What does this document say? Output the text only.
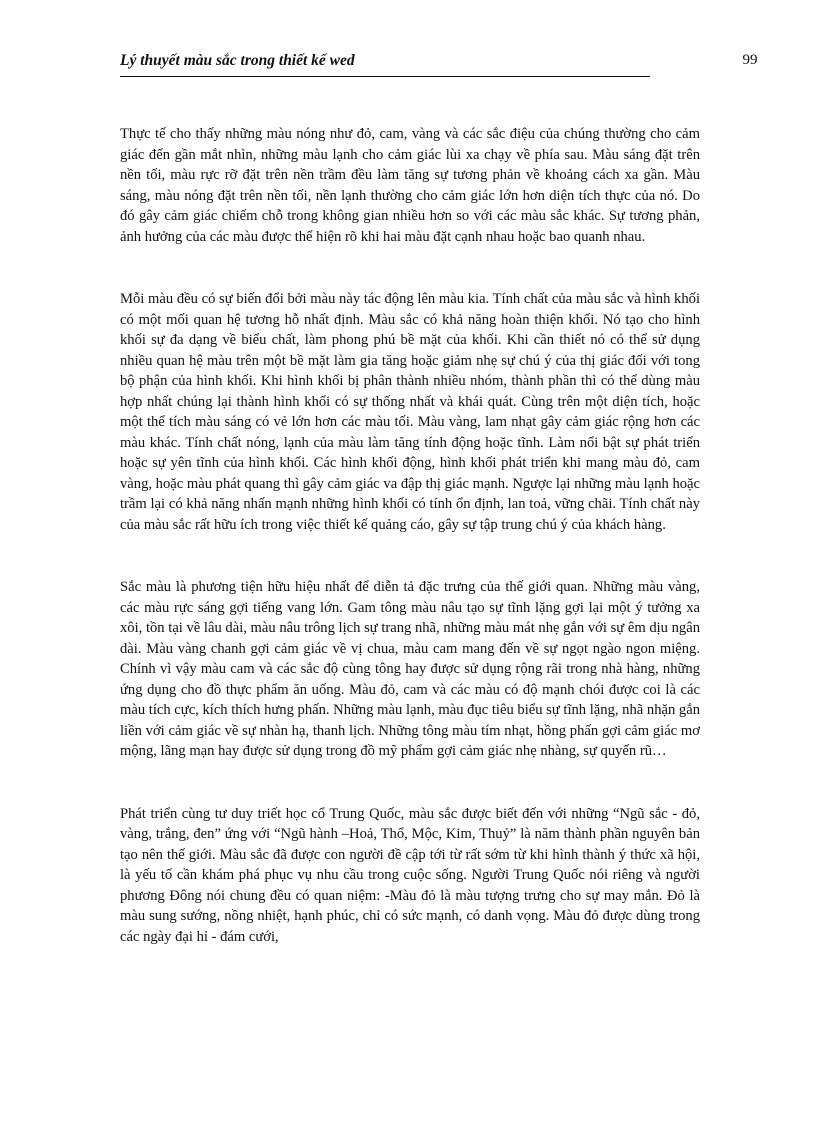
Lý thuyết màu sắc trong thiết kế wed	99

Thực tế cho thấy những màu nóng như đỏ, cam, vàng và các sắc điệu của chúng thường cho cảm giác đến gần mắt nhìn, những màu lạnh cho cảm giác lùi xa chạy về phía sau. Màu sáng đặt trên nền tối, màu rực rỡ đặt trên nền trầm đều làm tăng sự tương phản về khoảng cách xa gần. Màu sáng, màu nóng đặt trên nền tối, nền lạnh thường cho cảm giác lớn hơn diện tích thực của nó. Do đó gây cảm giác chiếm chỗ trong không gian nhiều hơn so với các màu sắc khác. Sự tương phản, ảnh hưởng của các màu được thể hiện rõ khi hai màu đặt cạnh nhau hoặc bao quanh nhau.

Mỗi màu đều có sự biến đổi bởi màu này tác động lên màu kia. Tính chất của màu sắc và hình khối có một mối quan hệ tương hỗ nhất định. Màu sắc có khả năng hoàn thiện khối. Nó tạo cho hình khối sự đa dạng về biểu chất, làm phong phú bề mặt của khối. Khi cần thiết nó có thể sử dụng nhiều quan hệ màu trên một bề mặt làm gia tăng hoặc giảm nhẹ sự chú ý của thị giác đối với tong bộ phận của hình khối. Khi hình khối bị phân thành nhiều nhóm, thành phần thì có thể dùng màu hợp nhất chúng lại thành hình khối có sự thống nhất và khái quát. Cùng trên một diện tích, hoặc một thể tích màu sáng có vẻ lớn hơn các màu tối. Màu vàng, lam nhạt gây cảm giác rộng hơn các màu khác. Tính chất nóng, lạnh của màu làm tăng tính động hoặc tĩnh. Làm nổi bật sự phát triển hoặc sự yên tĩnh của hình khối. Các hình khối động, hình khối phát triển khi mang màu đỏ, cam vàng, hoặc màu phát quang thì gây cảm giác va đập thị giác mạnh. Ngược lại những màu lạnh hoặc trầm lại có khả năng nhấn mạnh những hình khối có tính ổn định, lan toả, vững chãi. Tính chất này của màu sắc rất hữu ích trong việc thiết kế quảng cáo, gây sự tập trung chú ý của khách hàng.

Sắc màu là phương tiện hữu hiệu nhất để diễn tả đặc trưng của thế giới quan. Những màu vàng, các màu rực sáng gợi tiếng vang lớn. Gam tông màu nâu tạo sự tĩnh lặng gợi lại một ý tưởng xa xôi, tồn tại về lâu dài, màu nâu trông lịch sự trang nhã, những màu mát nhẹ gắn với sự êm dịu ngân dài. Màu vàng chanh gợi cảm giác về vị chua, màu cam mang đến về sự ngọt ngào ngon miệng. Chính vì vậy màu cam và các sắc độ cùng tông hay được sử dụng rộng rãi trong nhà hàng, những ứng dụng cho đồ thực phẩm ăn uống. Màu đỏ, cam và các màu có độ mạnh chói được coi là các màu tích cực, kích thích hưng phấn. Những màu lạnh, màu đục tiêu biểu sự tĩnh lặng, nhã nhặn gắn liền với cảm giác về sự nhàn hạ, thanh lịch. Những tông màu tím nhạt, hồng phấn gợi cảm giác mơ mộng, lãng mạn hay được sử dụng trong đồ mỹ phẩm gợi cảm giác nhẹ nhàng, sự quyến rũ…

Phát triển cùng tư duy triết học cổ Trung Quốc, màu sắc được biết đến với những “Ngũ sắc - đỏ, vàng, trắng, đen” ứng với “Ngũ hành –Hoả, Thổ, Mộc, Kim, Thuỷ” là năm thành phần nguyên bản tạo nên thế giới. Màu sắc đã được con người đề cập tới từ rất sớm từ khi hình thành ý thức xã hội, là yếu tố cần khám phá phục vụ nhu cầu trong cuộc sống. Người Trung Quốc nói riêng và người phương Đông nói chung đều có quan niệm: -Màu đỏ là màu tượng trưng cho sự may mắn. Đỏ là màu sung sướng, nồng nhiệt, hạnh phúc, chỉ có sức mạnh, có danh vọng. Màu đỏ được dùng trong các ngày đại hỉ - đám cưới,
